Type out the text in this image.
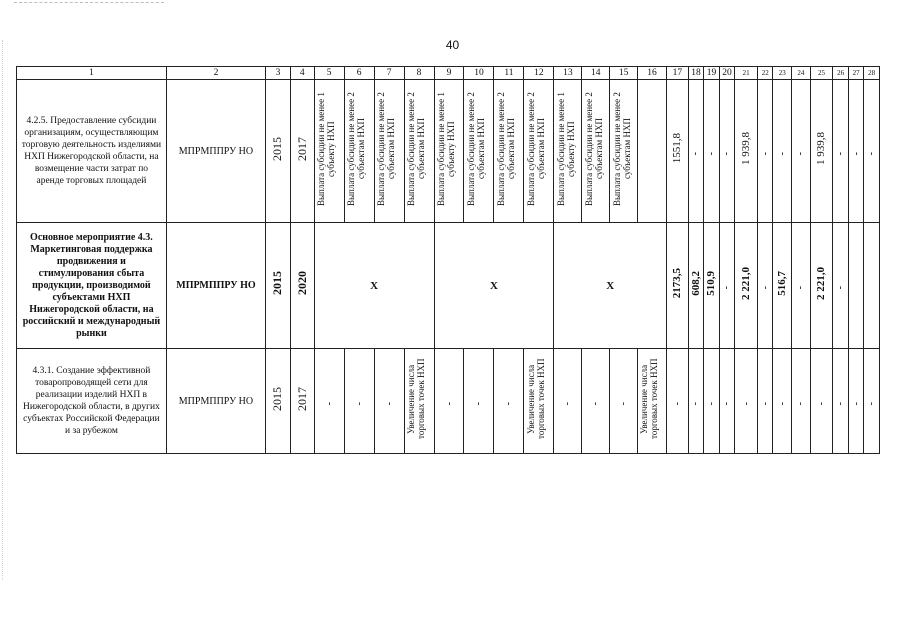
40
1	2	3	4	5	6	7	8	9	10	11	12	13	14	15	16	17	18	19	20	21	22	23	24	25	26	27	28
4.2.5. Предоставление субсидии организациям, осуществляющим торговую деятельность изделиями НХП Нижегородской области, на возмещение части затрат по аренде торговых площадей	МПРМППРУ НО	2015	2017	Выплата субсидии не менее 1 субъекту НХП	Выплата субсидии не менее 2 субъектам НХП	Выплата субсидии не менее 2 субъектам НХП	Выплата субсидии не менее 2 субъектам НХП	Выплата субсидии не менее 1 субъекту НХП	Выплата субсидии не менее 2 субъектам НХП	Выплата субсидии не менее 2 субъектам НХП	Выплата субсидии не менее 2 субъектам НХП	Выплата субсидии не менее 1 субъекту НХП	Выплата субсидии не менее 2 субъектам НХП	Выплата субсидии не менее 2 субъектам НХП		1551,8	-	-	-	1 939,8	-	-	-	1 939,8	-	-	-
Основное мероприятие 4.3. Маркетинговая поддержка продвижения и стимулирования сбыта продукции, производимой субъектами НХП Нижегородской области, на российский и международный рынки	МПРМППРУ НО	2015	2020	X				X				X				2173,5	608,2	510,9	-	2 221,0	-	516,7	-	2 221,0	-		
4.3.1. Создание эффективной товаропроводящей сети для реализации изделий НХП в Нижегородской области, в других субъектах Российской Федерации и за рубежом	МПРМППРУ НО	2015	2017	-	-	-	Увеличение числа торговых точек НХП	-	-	-	Увеличение числа торговых точек НХП	-	-	-	Увеличение числа торговых точек НХП	-	-	-	-	-	-	-	-	-	-	-	-
